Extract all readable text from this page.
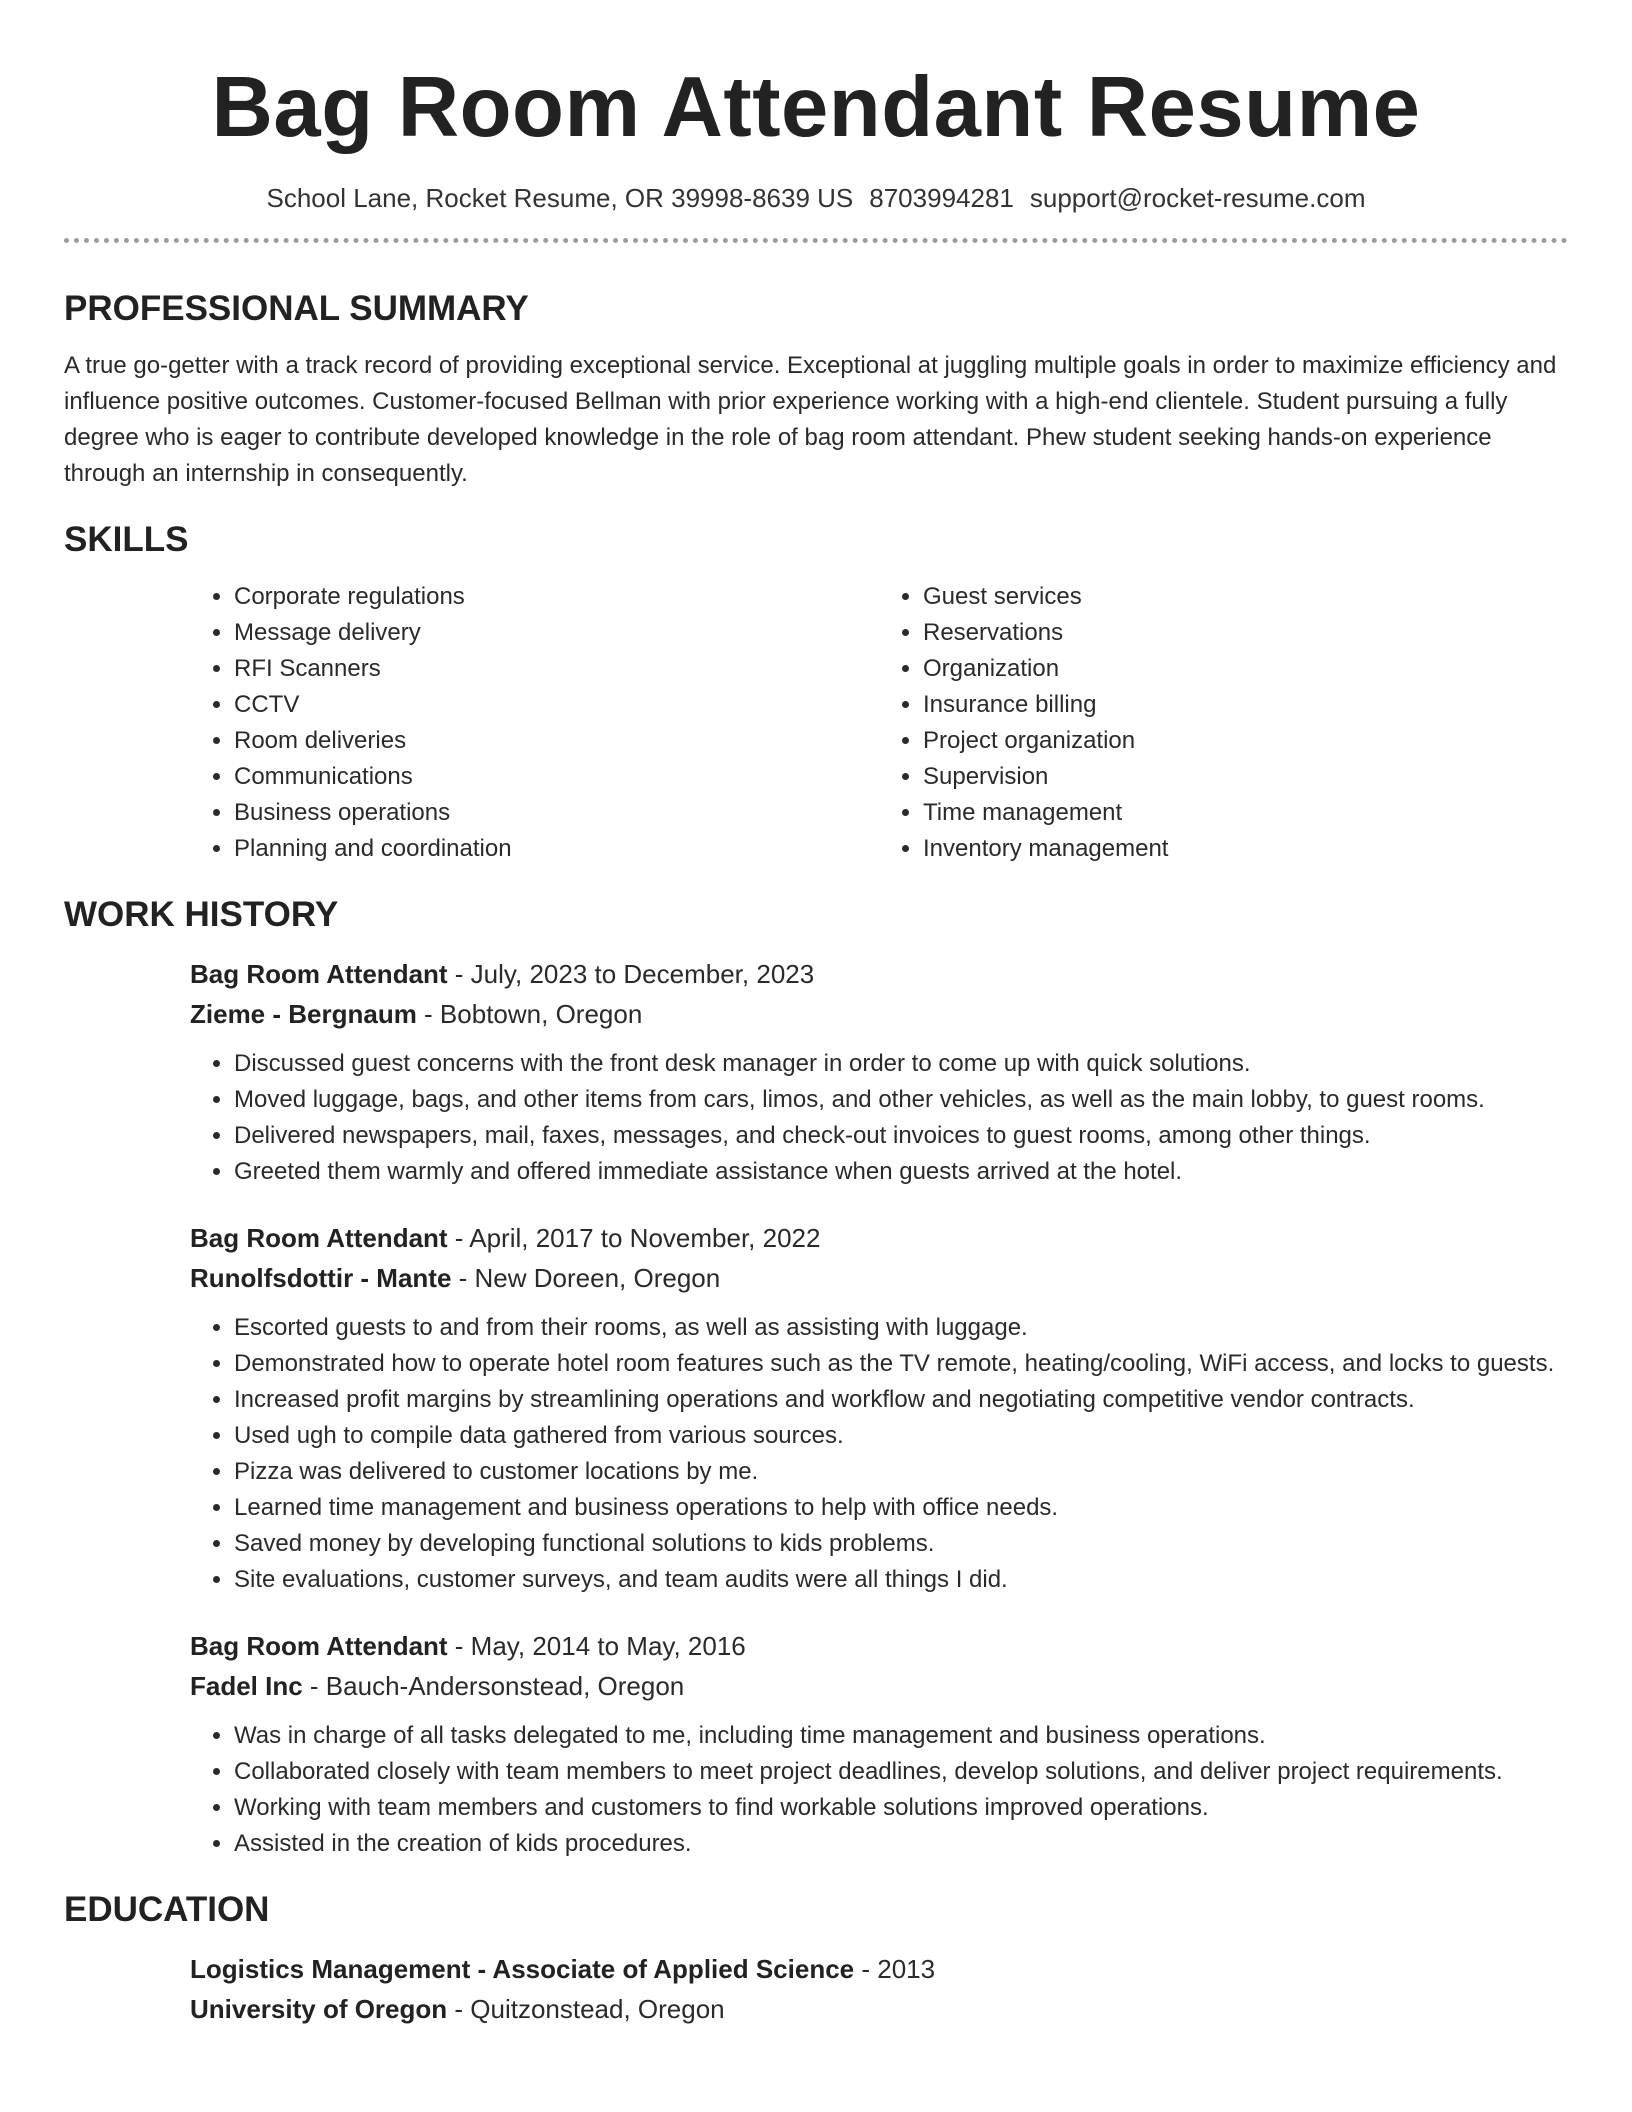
Bag Room Attendant Resume
School Lane, Rocket Resume, OR 39998-8639 US 8703994281 support@rocket-resume.com
PROFESSIONAL SUMMARY

A true go-getter with a track record of providing exceptional service. Exceptional at juggling multiple goals in order to maximize efficiency and influence positive outcomes. Customer-focused Bellman with prior experience working with a high-end clientele. Student pursuing a fully degree who is eager to contribute developed knowledge in the role of bag room attendant. Phew student seeking hands-on experience through an internship in consequently.

SKILLS
• Corporate regulations
• Message delivery
• RFI Scanners
• CCTV
• Room deliveries
• Communications
• Business operations
• Planning and coordination
• Guest services
• Reservations
• Organization
• Insurance billing
• Project organization
• Supervision
• Time management
• Inventory management
WORK HISTORY
Bag Room Attendant - July, 2023 to December, 2023
Zieme - Bergnaum - Bobtown, Oregon
• Discussed guest concerns with the front desk manager in order to come up with quick solutions.
• Moved luggage, bags, and other items from cars, limos, and other vehicles, as well as the main lobby, to guest rooms.
• Delivered newspapers, mail, faxes, messages, and check-out invoices to guest rooms, among other things.
• Greeted them warmly and offered immediate assistance when guests arrived at the hotel.
Bag Room Attendant - April, 2017 to November, 2022
Runolfsdottir - Mante - New Doreen, Oregon
• Escorted guests to and from their rooms, as well as assisting with luggage.
• Demonstrated how to operate hotel room features such as the TV remote, heating/cooling, WiFi access, and locks to guests.
• Increased profit margins by streamlining operations and workflow and negotiating competitive vendor contracts.
• Used ugh to compile data gathered from various sources.
• Pizza was delivered to customer locations by me.
• Learned time management and business operations to help with office needs.
• Saved money by developing functional solutions to kids problems.
• Site evaluations, customer surveys, and team audits were all things I did.
Bag Room Attendant - May, 2014 to May, 2016
Fadel Inc - Bauch-Andersonstead, Oregon
• Was in charge of all tasks delegated to me, including time management and business operations.
• Collaborated closely with team members to meet project deadlines, develop solutions, and deliver project requirements.
• Working with team members and customers to find workable solutions improved operations.
• Assisted in the creation of kids procedures.
EDUCATION
Logistics Management - Associate of Applied Science - 2013
University of Oregon - Quitzonstead, Oregon
